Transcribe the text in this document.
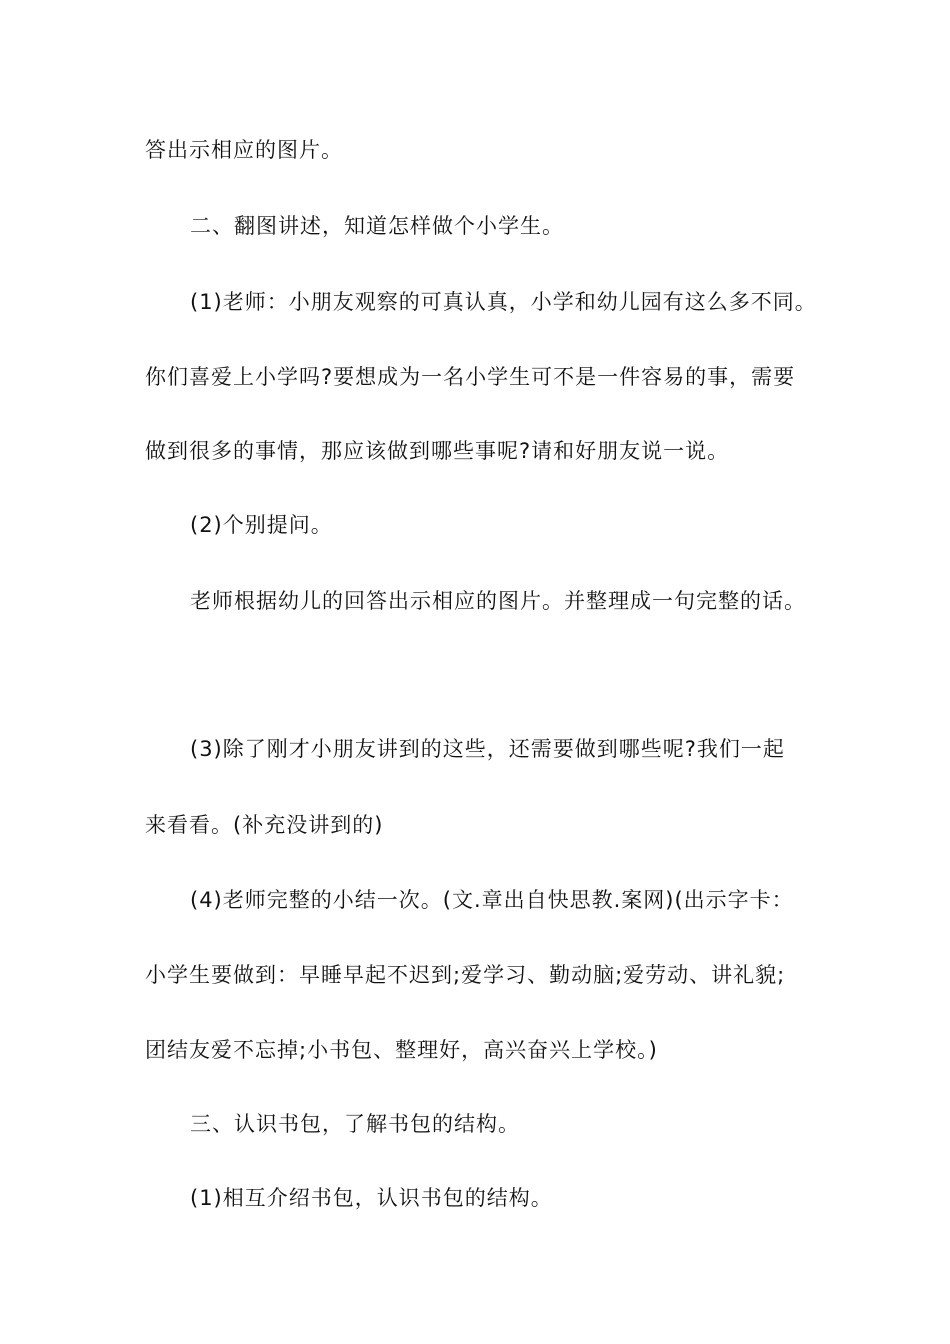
答出示相应的图片。
二、翻图讲述，知道怎样做个小学生。
(1)老师：小朋友观察的可真认真，小学和幼儿园有这么多不同。
你们喜爱上小学吗?要想成为一名小学生可不是一件容易的事，需要
做到很多的事情，那应该做到哪些事呢?请和好朋友说一说。
(2)个别提问。
老师根据幼儿的回答出示相应的图片。并整理成一句完整的话。
(3)除了刚才小朋友讲到的这些，还需要做到哪些呢?我们一起
来看看。(补充没讲到的)
(4)老师完整的小结一次。(文.章出自快思教.案网)(出示字卡：
小学生要做到：早睡早起不迟到;爱学习、勤动脑;爱劳动、讲礼貌;
团结友爱不忘掉;小书包、整理好，高兴奋兴上学校。)
三、认识书包，了解书包的结构。
(1)相互介绍书包，认识书包的结构。
